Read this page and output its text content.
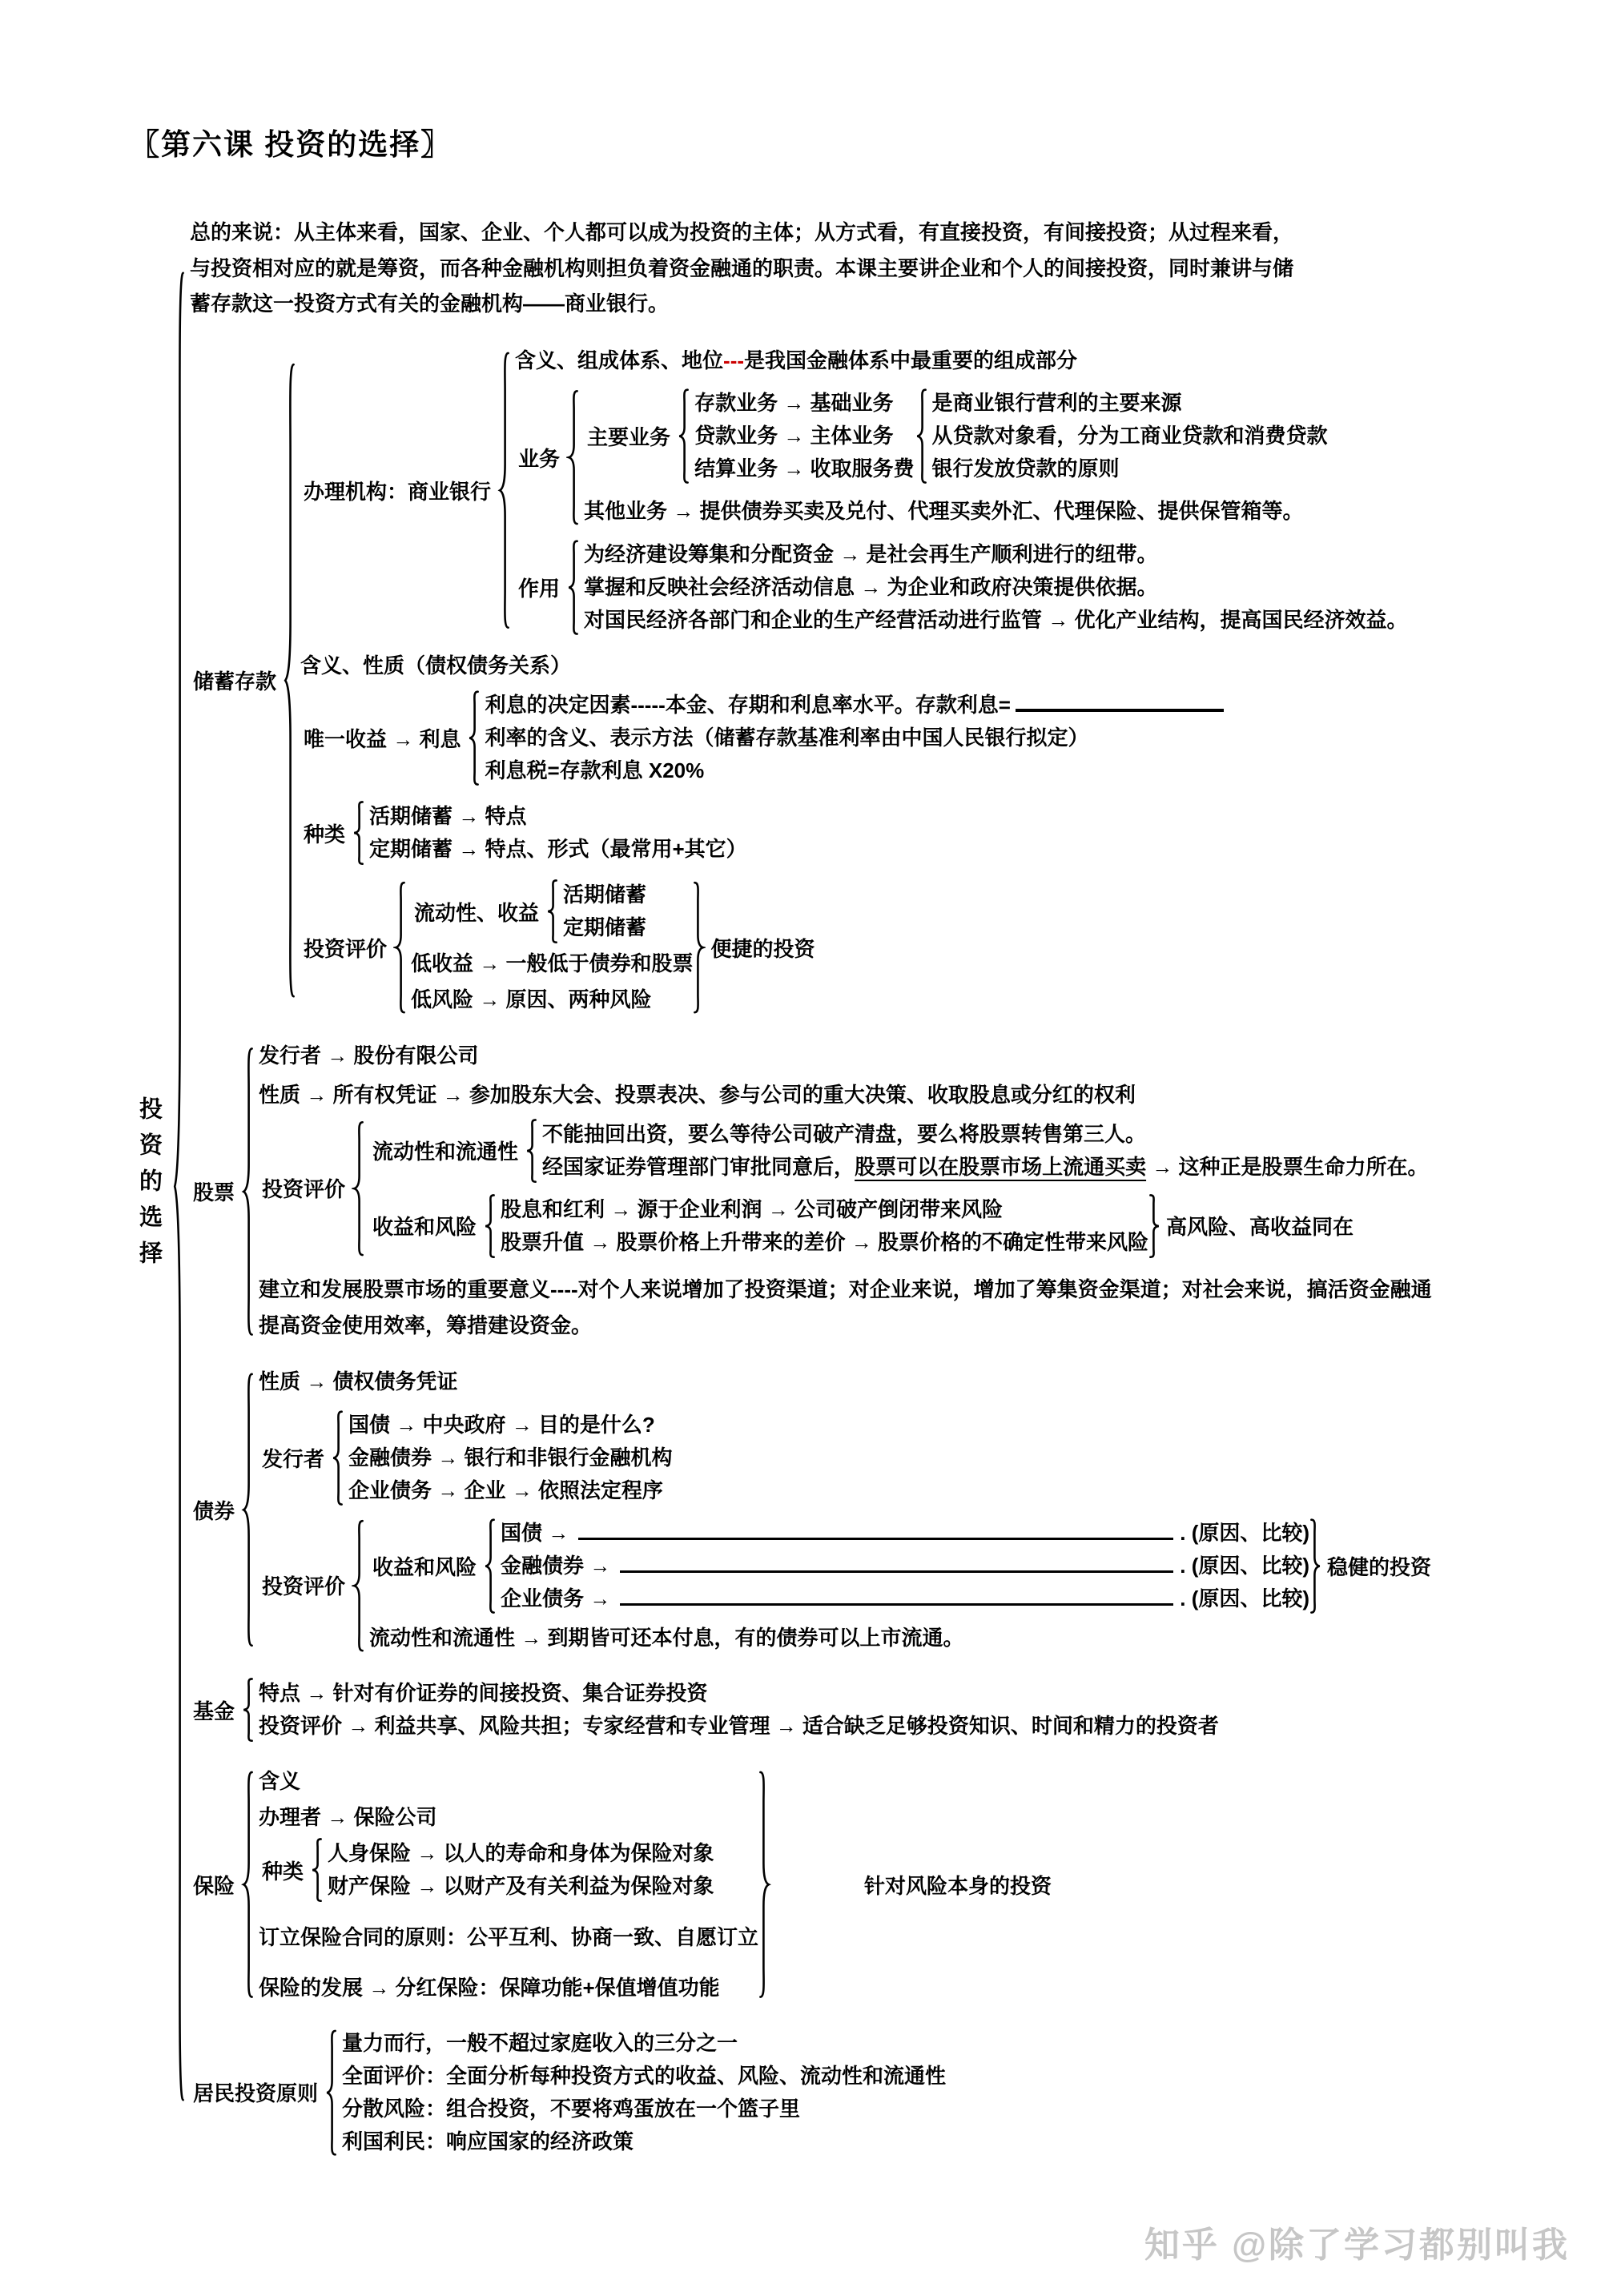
〖第六课 投资的选择〗
投资的选择
总的来说：从主体来看，国家、企业、个人都可以成为投资的主体；从方式看，有直接投资，有间接投资；从过程来看，
与投资相对应的就是筹资，而各种金融机构则担负着资金融通的职责。本课主要讲企业和个人的间接投资，同时兼讲与储
蓄存款这一投资方式有关的金融机构——商业银行。
储蓄存款
办理机构：商业银行
含义、组成体系、地位---是我国金融体系中最重要的组成部分
业务
主要业务
存款业务 → 基础业务
贷款业务 → 主体业务
结算业务 → 收取服务费
是商业银行营利的主要来源
从贷款对象看，分为工商业贷款和消费贷款
银行发放贷款的原则
其他业务 → 提供债券买卖及兑付、代理买卖外汇、代理保险、提供保管箱等。
作用
为经济建设筹集和分配资金 → 是社会再生产顺利进行的纽带。
掌握和反映社会经济活动信息 → 为企业和政府决策提供依据。
对国民经济各部门和企业的生产经营活动进行监管 → 优化产业结构，提高国民经济效益。
含义、性质（债权债务关系）
唯一收益 → 利息
利息的决定因素-----本金、存期和利息率水平。存款利息=
利率的含义、表示方法（储蓄存款基准利率由中国人民银行拟定）
利息税=存款利息 X20%
种类
活期储蓄 → 特点
定期储蓄 → 特点、形式（最常用+其它）
投资评价
流动性、收益
活期储蓄
定期储蓄
低收益 → 一般低于债券和股票
低风险 → 原因、两种风险
便捷的投资
股票
发行者 → 股份有限公司
性质 → 所有权凭证 → 参加股东大会、投票表决、参与公司的重大决策、收取股息或分红的权利
投资评价
流动性和流通性
不能抽回出资，要么等待公司破产清盘，要么将股票转售第三人。
经国家证券管理部门审批同意后，股票可以在股票市场上流通买卖 → 这种正是股票生命力所在。
收益和风险
股息和红利 → 源于企业利润 → 公司破产倒闭带来风险
股票升值 → 股票价格上升带来的差价 → 股票价格的不确定性带来风险
高风险、高收益同在
建立和发展股票市场的重要意义----对个人来说增加了投资渠道；对企业来说，增加了筹集资金渠道；对社会来说，搞活资金融通
提高资金使用效率，筹措建设资金。
债券
性质 → 债权债务凭证
发行者
国债 → 中央政府 → 目的是什么?
金融债券 → 银行和非银行金融机构
企业债务 → 企业 → 依照法定程序
投资评价
收益和风险
国债 →	. (原因、比较)
金融债券 →	. (原因、比较)
企业债务 →	. (原因、比较)
稳健的投资
流动性和流通性 → 到期皆可还本付息，有的债券可以上市流通。
基金
特点 → 针对有价证券的间接投资、集合证券投资
投资评价 → 利益共享、风险共担；专家经营和专业管理 → 适合缺乏足够投资知识、时间和精力的投资者
保险
含义
办理者 → 保险公司
种类
人身保险 → 以人的寿命和身体为保险对象
财产保险 → 以财产及有关利益为保险对象
订立保险合同的原则：公平互利、协商一致、自愿订立
保险的发展 → 分红保险：保障功能+保值增值功能
针对风险本身的投资
居民投资原则
量力而行，一般不超过家庭收入的三分之一
全面评价：全面分析每种投资方式的收益、风险、流动性和流通性
分散风险：组合投资，不要将鸡蛋放在一个篮子里
利国利民：响应国家的经济政策
知乎 @除了学习都别叫我
